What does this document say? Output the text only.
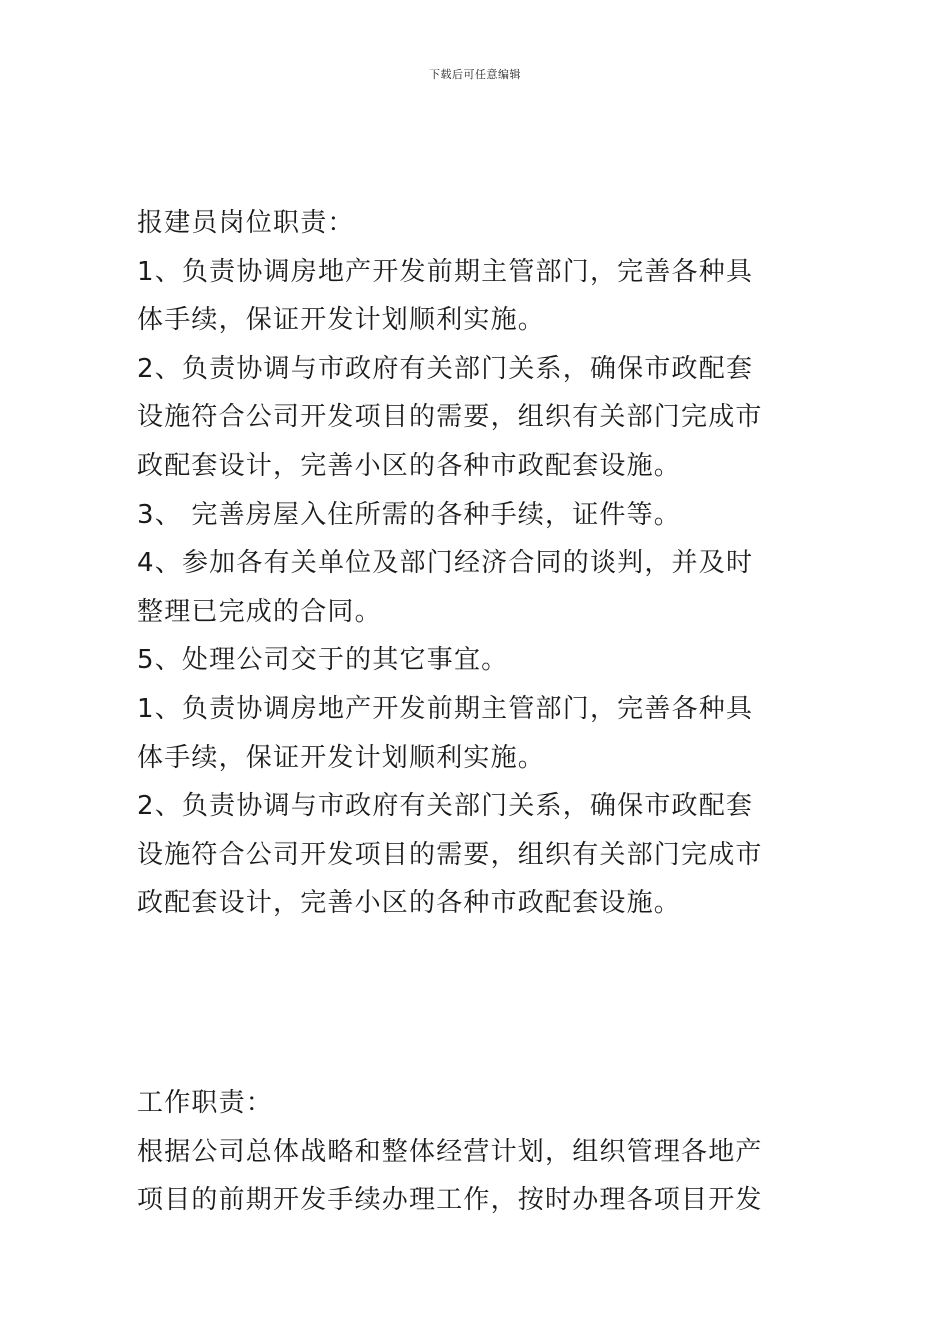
下载后可任意编辑
报建员岗位职责：
1、负责协调房地产开发前期主管部门，完善各种具
体手续，保证开发计划顺利实施。
2、负责协调与市政府有关部门关系，确保市政配套
设施符合公司开发项目的需要，组织有关部门完成市
政配套设计，完善小区的各种市政配套设施。
3、 完善房屋入住所需的各种手续，证件等。
4、参加各有关单位及部门经济合同的谈判，并及时
整理已完成的合同。
5、处理公司交于的其它事宜。
1、负责协调房地产开发前期主管部门，完善各种具
体手续，保证开发计划顺利实施。
2、负责协调与市政府有关部门关系，确保市政配套
设施符合公司开发项目的需要，组织有关部门完成市
政配套设计，完善小区的各种市政配套设施。
工作职责：
根据公司总体战略和整体经营计划，组织管理各地产
项目的前期开发手续办理工作，按时办理各项目开发
